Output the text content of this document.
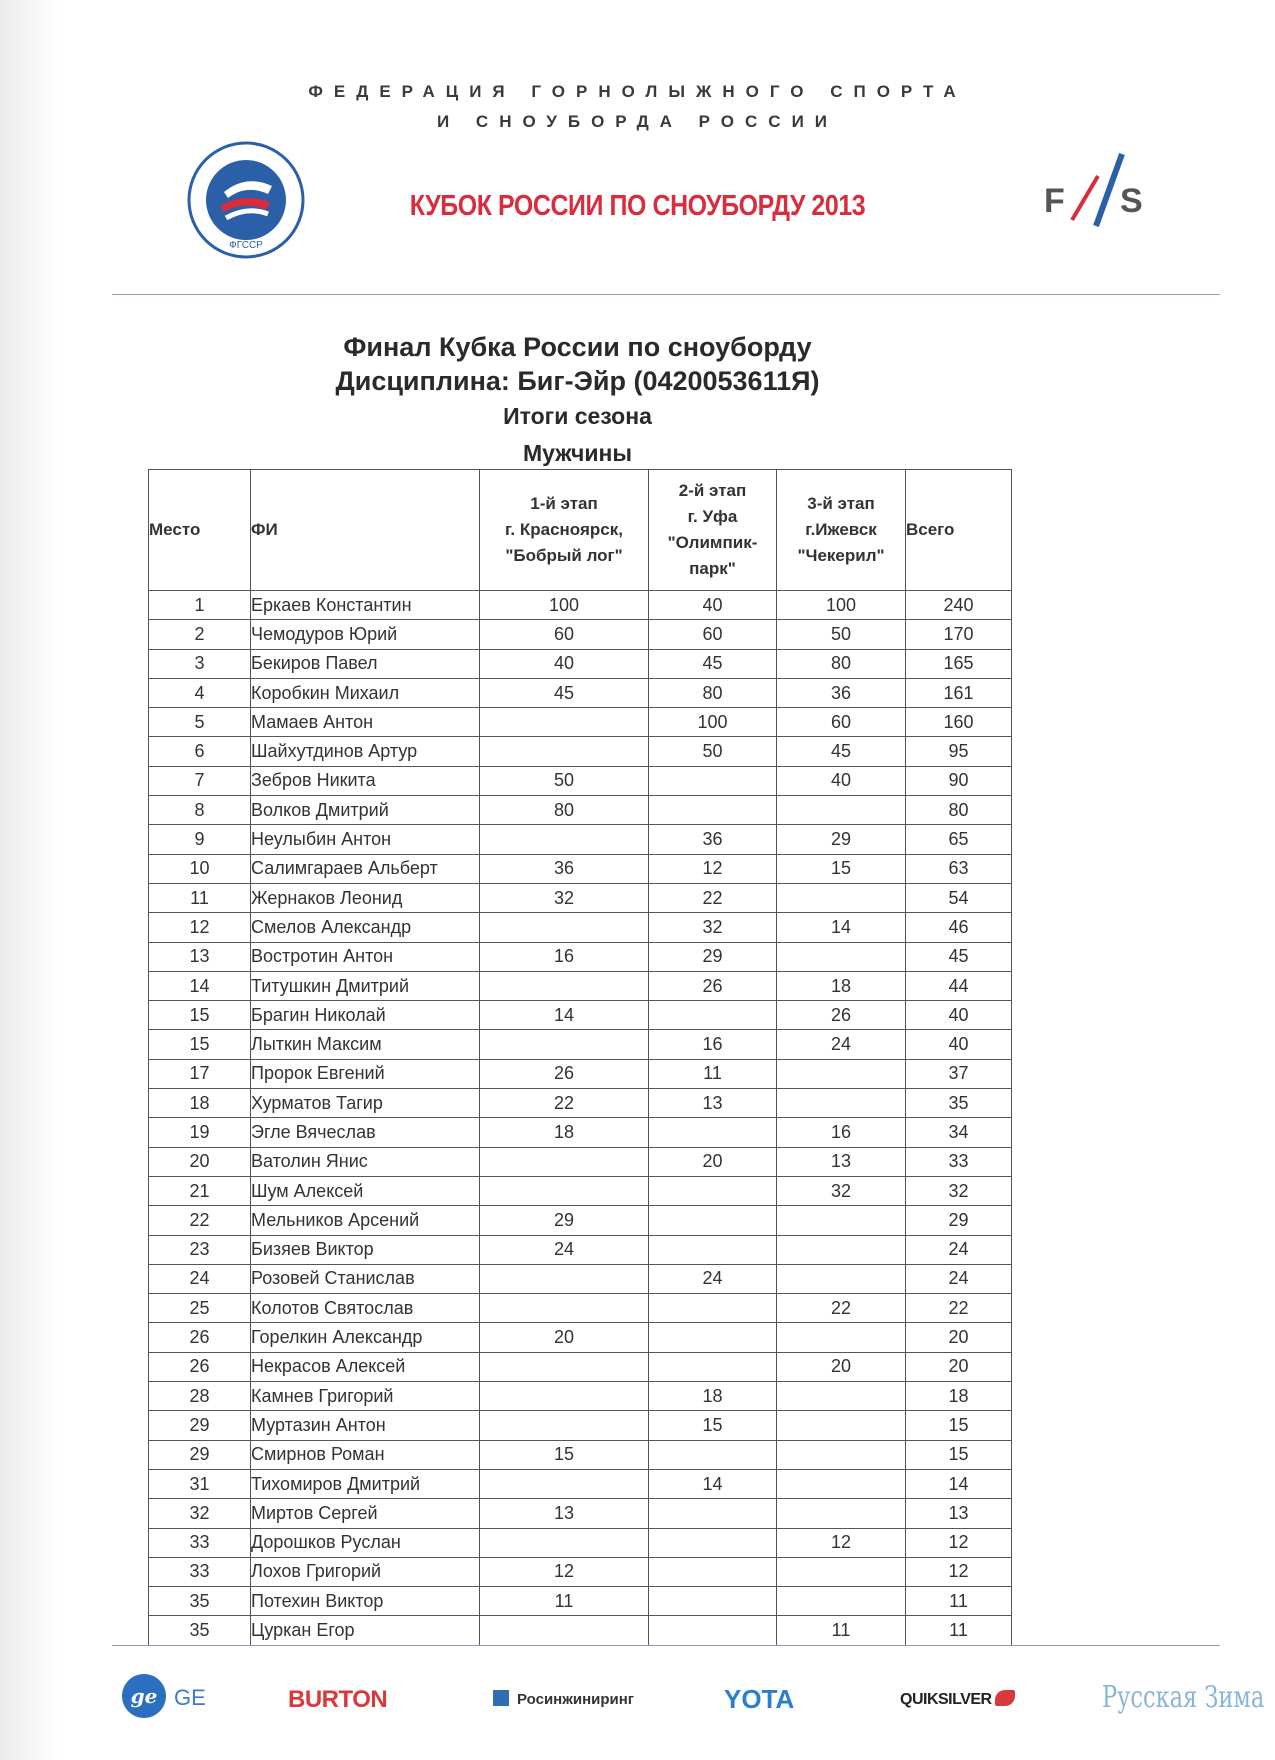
ФЕДЕРАЦИЯ ГОРНОЛЫЖНОГО СПОРТА
И СНОУБОРДА РОССИИ
ФГССР
КУБОК РОССИИ ПО СНОУБОРДУ 2013	F S
Финал Кубка России по сноуборду
Дисциплина: Биг-Эйр (0420053611Я)
Итоги сезона
Мужчины
Место	ФИ	1-й этап
г. Красноярск,
"Бобрый лог"	2-й этап
г. Уфа
"Олимпик-
парк"	3-й этап
г.Ижевск
"Чекерил"	Всего
1	Еркаев Константин	100	40	100	240
2	Чемодуров Юрий	60	60	50	170
3	Бекиров Павел	40	45	80	165
4	Коробкин Михаил	45	80	36	161
5	Мамаев Антон		100	60	160
6	Шайхутдинов Артур		50	45	95
7	Зебров Никита	50		40	90
8	Волков Дмитрий	80			80
9	Неулыбин Антон		36	29	65
10	Салимгараев Альберт	36	12	15	63
11	Жернаков Леонид	32	22		54
12	Смелов Александр		32	14	46
13	Востротин Антон	16	29		45
14	Титушкин Дмитрий		26	18	44
15	Брагин Николай	14		26	40
15	Лыткин Максим		16	24	40
17	Пророк Евгений	26	11		37
18	Хурматов Тагир	22	13		35
19	Эгле Вячеслав	18		16	34
20	Ватолин Янис		20	13	33
21	Шум Алексей			32	32
22	Мельников Арсений	29			29
23	Бизяев Виктор	24			24
24	Розовей Станислав		24		24
25	Колотов Святослав			22	22
26	Горелкин Александр	20			20
26	Некрасов Алексей			20	20
28	Камнев Григорий		18		18
29	Муртазин Антон		15		15
29	Смирнов Роман	15			15
31	Тихомиров Дмитрий		14		14
32	Миртов Сергей	13			13
33	Дорошков Руслан			12	12
33	Лохов Григорий	12			12
35	Потехин Виктор	11			11
35	Цуркан Егор			11	11
ge GE	BURTON	Росинжиниринг	YOTA	QUIKSILVER	Русская Зима
